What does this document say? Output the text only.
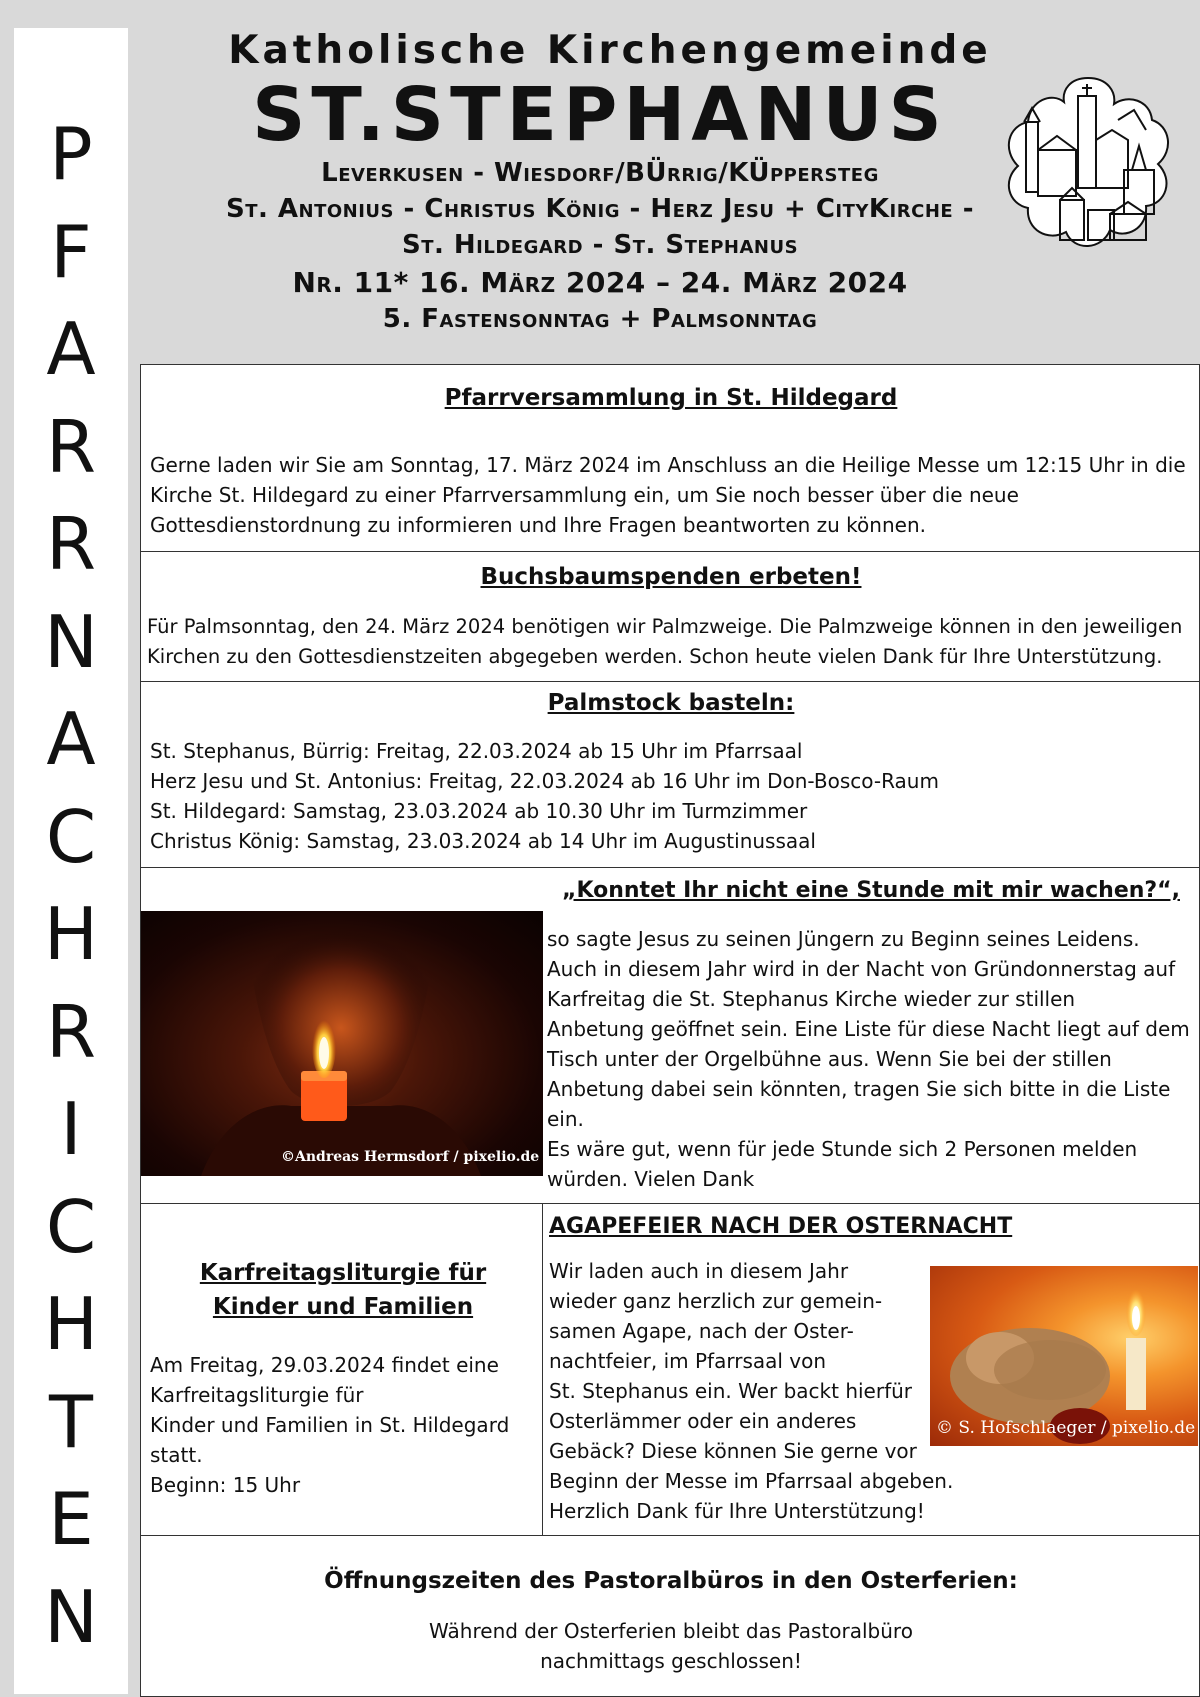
P
F
A
R
R
N
A
C
H
R
I
C
H
T
E
N
Katholische Kirchengemeinde
ST.STEPHANUS
Leverkusen - Wiesdorf/BÜrrig/KÜppersteg
St. Antonius - Christus König - Herz Jesu + CityKirche -
St. Hildegard - St. Stephanus
Nr. 11* 16. März 2024 – 24. März 2024
5. Fastensonntag + Palmsonntag
Pfarrversammlung in St. Hildegard
Gerne laden wir Sie am Sonntag, 17. März 2024 im Anschluss an die Heilige Messe um 12:15 Uhr in die
Kirche St. Hildegard zu einer Pfarrversammlung ein, um Sie noch besser über die neue
Gottesdienstordnung zu informieren und Ihre Fragen beantworten zu können.
Buchsbaumspenden erbeten!
Für Palmsonntag, den 24. März 2024 benötigen wir Palmzweige. Die Palmzweige können in den jeweiligen
Kirchen zu den Gottesdienstzeiten abgegeben werden. Schon heute vielen Dank für Ihre Unterstützung.
Palmstock basteln:
St. Stephanus, Bürrig: Freitag, 22.03.2024 ab 15 Uhr im Pfarrsaal
Herz Jesu und St. Antonius: Freitag, 22.03.2024 ab 16 Uhr im Don-Bosco-Raum
St. Hildegard: Samstag, 23.03.2024 ab 10.30 Uhr im Turmzimmer
Christus König: Samstag, 23.03.2024 ab 14 Uhr im Augustinussaal
„Konntet Ihr nicht eine Stunde mit mir wachen?“,
©Andreas Hermsdorf / pixelio.de
so sagte Jesus zu seinen Jüngern zu Beginn seines Leidens.
Auch in diesem Jahr wird in der Nacht von Gründonnerstag auf
Karfreitag die St. Stephanus Kirche wieder zur stillen
Anbetung geöffnet sein. Eine Liste für diese Nacht liegt auf dem
Tisch unter der Orgelbühne aus. Wenn Sie bei der stillen
Anbetung dabei sein könnten, tragen Sie sich bitte in die Liste ein.
Es wäre gut, wenn für jede Stunde sich 2 Personen melden
würden. Vielen Dank
Karfreitagsliturgie für
Kinder und Familien
Am Freitag, 29.03.2024 findet eine
Karfreitagsliturgie für
Kinder und Familien in St. Hildegard
statt.
Beginn: 15 Uhr
AGAPEFEIER NACH DER OSTERNACHT
Wir laden auch in diesem Jahr
wieder ganz herzlich zur gemein-
samen Agape, nach der Oster-
nachtfeier, im Pfarrsaal von
St. Stephanus ein. Wer backt hierfür
Osterlämmer oder ein anderes
Gebäck? Diese können Sie gerne vor
Beginn der Messe im Pfarrsaal abgeben.
Herzlich Dank für Ihre Unterstützung!
© S. Hofschlaeger / pixelio.de
Öffnungszeiten des Pastoralbüros in den Osterferien:
Während der Osterferien bleibt das Pastoralbüro
nachmittags geschlossen!
